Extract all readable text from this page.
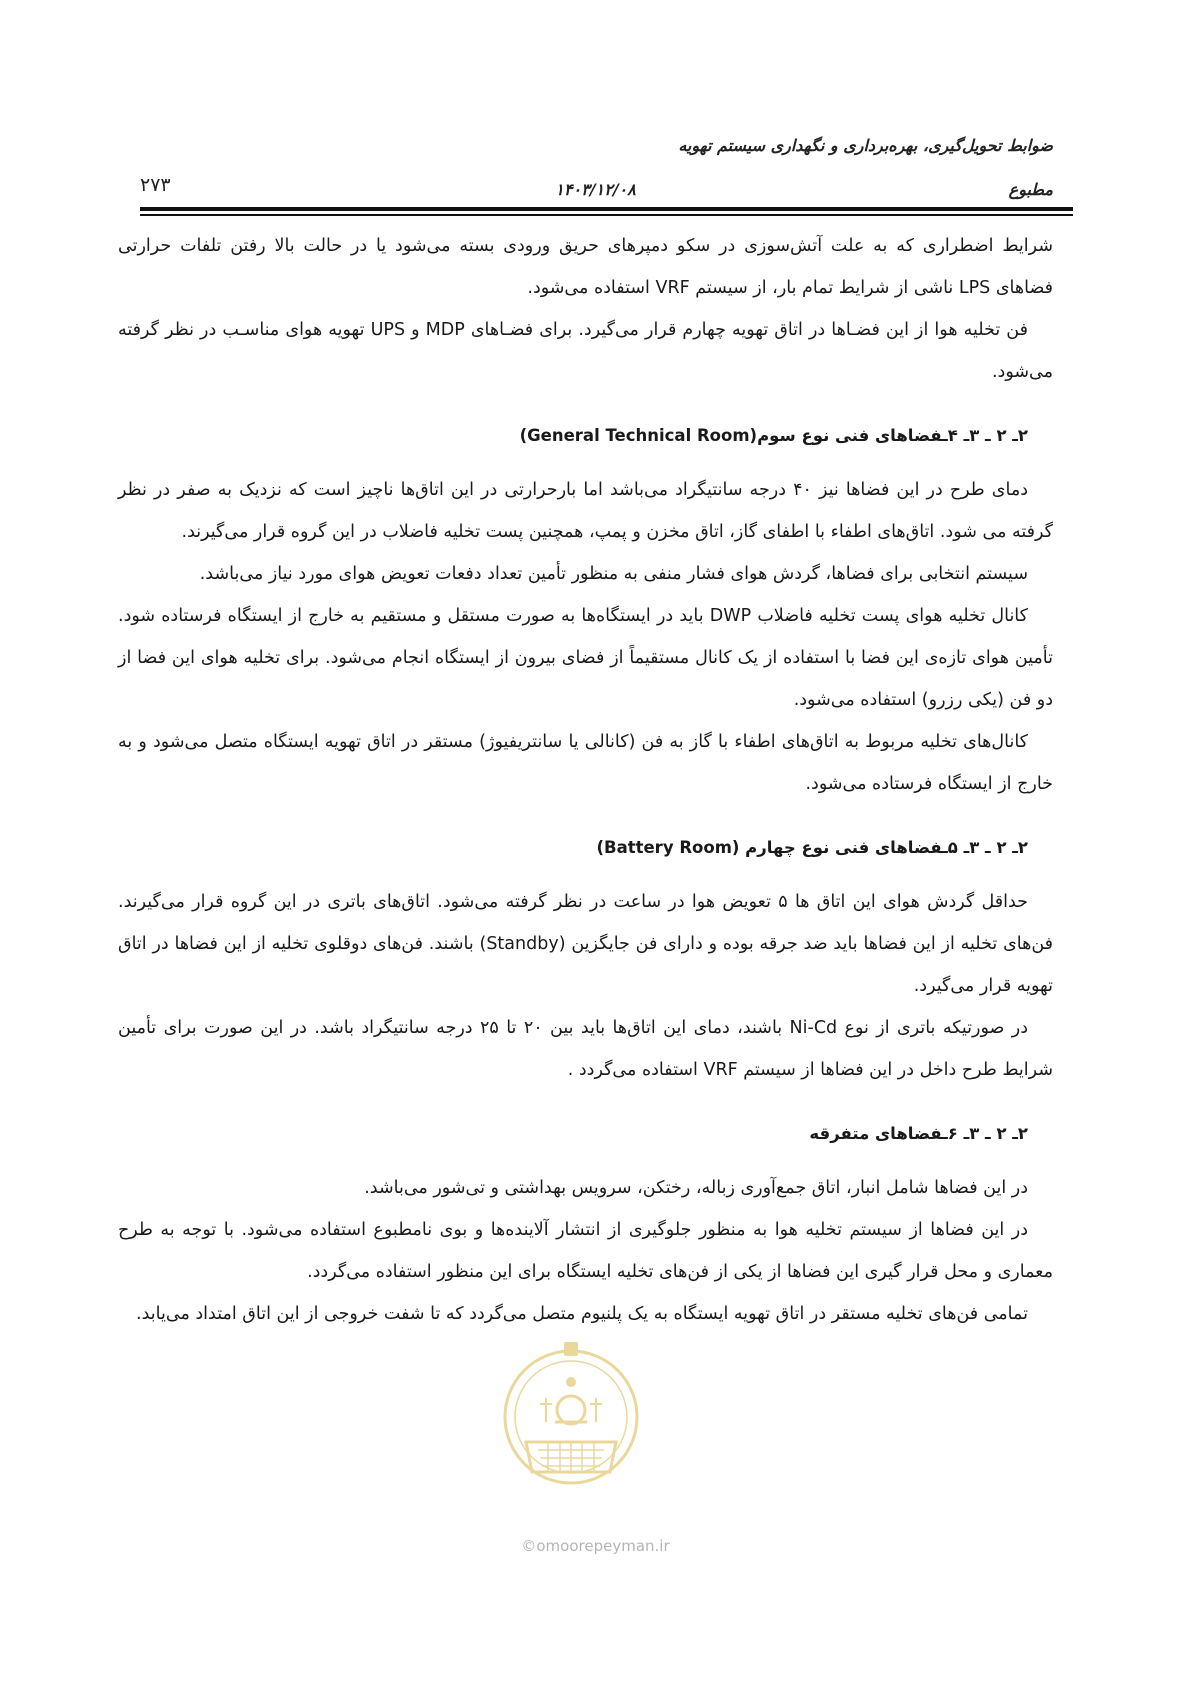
ضوابط تحویل‌گیری، بهره‌برداری و نگهداری سیستم تهویه
مطبوع
۱۴۰۳/۱۲/۰۸
۲۷۳

شرایط اضطراری که به علت آتش‌سوزی در سکو دمپرهای حریق ورودی بسته می‌شود یا در حالت بالا رفتن تلفات حرارتی فضاهای LPS ناشی از شرایط تمام بار، از سیستم VRF استفاده می‌شود.

فن تخلیه هوا از این فضـاها در اتاق تهویه چهارم قرار می‌گیرد. برای فضـاهای MDP و UPS تهویه هوای مناسـب در نظر گرفته می‌شود.

۲ـ ۲ ـ ۳ـ ۴ـفضاهای فنی نوع سوم(General Technical Room)

دمای طرح در این فضاها نیز ۴۰ درجه سانتیگراد می‌باشد اما بارحرارتی در این اتاق‌ها ناچیز است که نزدیک به صفر در نظر گرفته می شود. اتاق‌های اطفاء با اطفای گاز، اتاق مخزن و پمپ، همچنین پست تخلیه فاضلاب در این گروه قرار می‌گیرند.

سیستم انتخابی برای فضاها، گردش هوای فشار منفی به منظور تأمین تعداد دفعات تعویض هوای مورد نیاز می‌باشد.

کانال تخلیه هوای پست تخلیه فاضلاب DWP باید در ایستگاه‌ها به صورت مستقل و مستقیم به خارج از ایستگاه فرستاده شود. تأمین هوای تازه‌ی این فضا با استفاده از یک کانال مستقیماً از فضای بیرون از ایستگاه انجام می‌شود. برای تخلیه هوای این فضا از دو فن (یکی رزرو) استفاده می‌شود.

کانال‌های تخلیه مربوط به اتاق‌های اطفاء با گاز به فن (کانالی یا سانتریفیوژ) مستقر در اتاق تهویه ایستگاه متصل می‌شود و به خارج از ایستگاه فرستاده می‌شود.

۲ـ ۲ ـ ۳ـ ۵ـفضاهای فنی نوع چهارم (Battery Room)

حداقل گردش هوای این اتاق ها ۵ تعویض هوا در ساعت در نظر گرفته می‌شود. اتاق‌های باتری در این گروه قرار می‌گیرند. فن‌های تخلیه از این فضاها باید ضد جرقه بوده و دارای فن جایگزین (Standby) باشند. فن‌های دوقلوی تخلیه از این فضاها در اتاق تهویه قرار می‌گیرد.

در صورتیکه باتری از نوع Ni-Cd باشند، دمای این اتاق‌ها باید بین ۲۰ تا ۲۵ درجه سانتیگراد باشد. در این صورت برای تأمین شرایط طرح داخل در این فضاها از سیستم VRF استفاده می‌گردد .

۲ـ ۲ ـ ۳ـ ۶ـفضاهای متفرقه

در این فضاها شامل انبار، اتاق جمع‌آوری زباله، رختکن، سرویس بهداشتی و تی‌شور می‌باشد.

در این فضاها از سیستم تخلیه هوا به منظور جلوگیری از انتشار آلاینده‌ها و بوی نامطبوع استفاده می‌شود. با توجه به طرح معماری و محل قرار گیری این فضاها از یکی از فن‌های تخلیه ایستگاه برای این منظور استفاده می‌گردد.

تمامی فن‌های تخلیه مستقر در اتاق تهویه ایستگاه به یک پلنیوم متصل می‌گردد که تا شفت خروجی از این اتاق امتداد می‌یابد.

©omoorepeyman.ir
